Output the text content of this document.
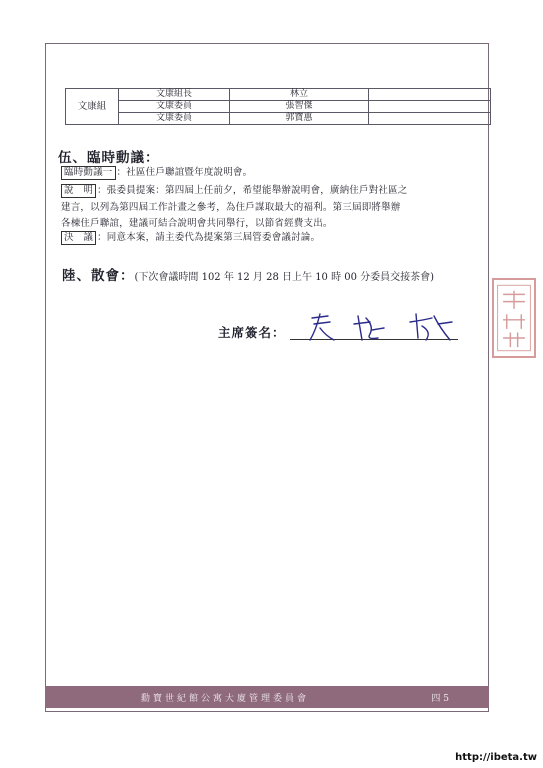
文康組	文康組長	林立	
	文康委員	張智傑	
	文康委員	郭寶惠	
伍、臨時動議：
臨時動議一 ：社區住戶聯誼暨年度說明會。
說　明 ：張委員提案：第四屆上任前夕，希望能舉辦說明會，廣納住戶對社區之
建言，以列為第四屆工作計畫之參考，為住戶謀取最大的福利。第三屆即將舉辦
各棟住戶聯誼，建議可結合說明會共同舉行，以節省經費支出。
決　議 ：同意本案，請主委代為提案第三屆管委會議討論。
陸、散會：(下次會議時間 102 年 12 月 28 日上午 10 時 00 分委員交接茶會)
主席簽名：
勳寶世紀館公寓大廈管理委員會	四 5
http://ibeta.tw
